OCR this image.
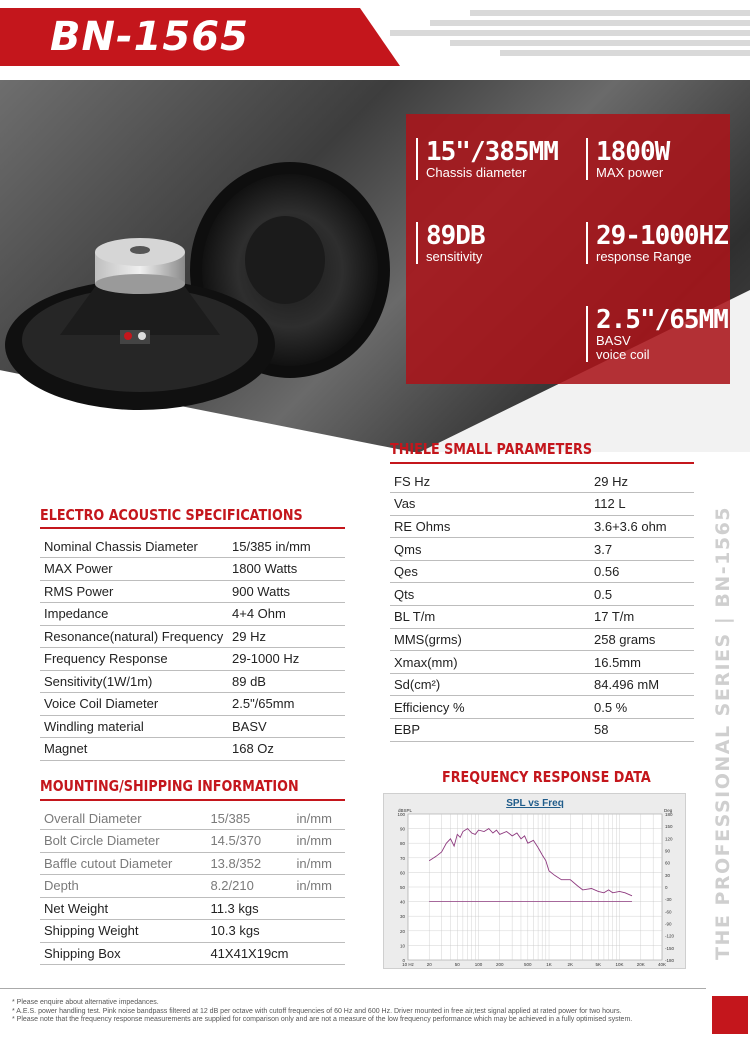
BN-1565
15"/385MM
Chassis diameter
1800W
MAX power
89DB
sensitivity
29-1000HZ
response Range
2.5"/65MM
BASV
voice coil
THIELE SMALL PARAMETERS
FS Hz	29 Hz
Vas	112 L
RE Ohms	3.6+3.6 ohm
Qms	3.7
Qes	0.56
Qts	0.5
BL T/m	17 T/m
MMS(grms)	258 grams
Xmax(mm)	16.5mm
Sd(cm²)	84.496 mM
Efficiency %	0.5 %
EBP	58
ELECTRO ACOUSTIC SPECIFICATIONS
Nominal Chassis Diameter	15/385 in/mm
MAX Power	1800 Watts
RMS Power	900 Watts
Impedance	4+4 Ohm
Resonance(natural) Frequency	29 Hz
Frequency Response	29-1000 Hz
Sensitivity(1W/1m)	89 dB
Voice Coil Diameter	2.5"/65mm
Windling material	BASV
Magnet	168 Oz
MOUNTING/SHIPPING INFORMATION
Overall Diameter	15/385	in/mm
Bolt Circle Diameter	14.5/370	in/mm
Baffle cutout Diameter	13.8/352	in/mm
Depth	8.2/210	in/mm
Net Weight	11.3 kgs	
Shipping Weight	10.3 kgs	
Shipping Box	41X41X19cm	
FREQUENCY RESPONSE DATA
SPL vs Freq
100
90
80
70
60
50
40
30
20
10
0
180
150
120
90
60
30
0
-30
-60
-90
-120
-150
-180
dBSPL	Deg
10 Hz	20	50	100	200	500	1K	2K	5K	10K	20K	40K
THE PROFESSIONAL SERIES | BN-1565
* Please enquire about alternative impedances.
* A.E.S. power handling test. Pink noise bandpass filtered at 12 dB per octave with cutoff frequencies of 60 Hz and 600 Hz. Driver mounted in free air,test signal applied at rated power for two hours.
* Please note that the frequency response measurements are supplied for comparison only and are not a measure of the low frequency performance which may be achieved in a fully optimised system.
